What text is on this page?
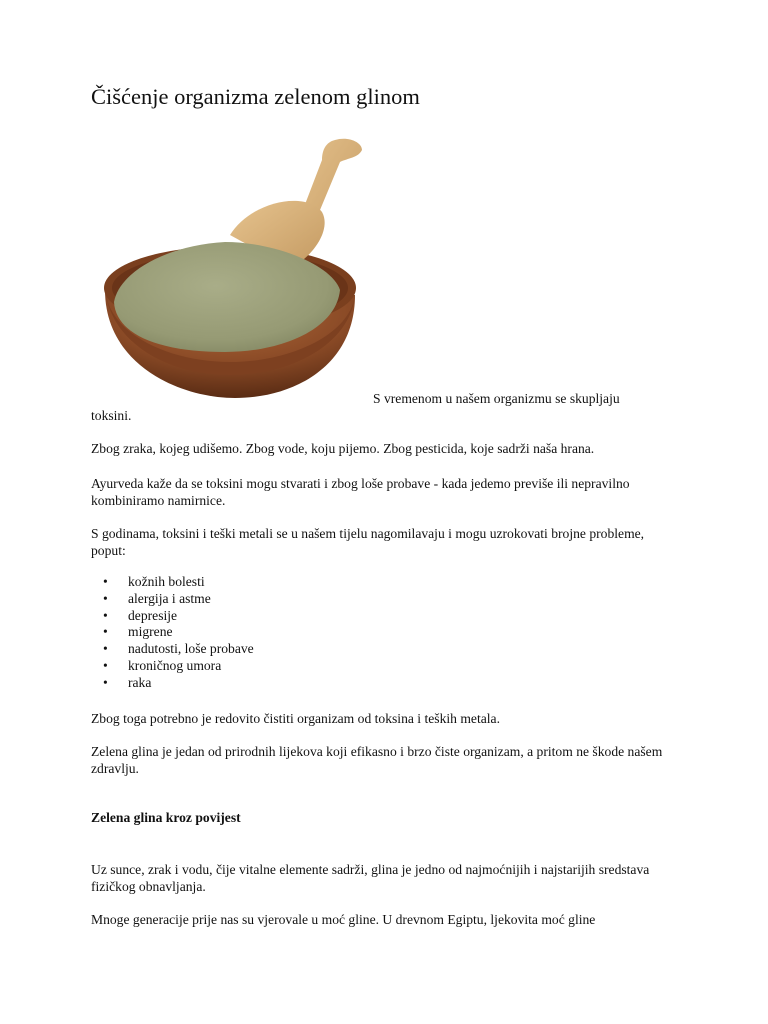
Čišćenje organizma zelenom glinom
S vremenom u našem organizmu se skupljaju

toksini.

Zbog zraka, kojeg udišemo. Zbog vode, koju pijemo. Zbog pesticida, koje sadrži naša hrana.

Ayurveda kaže da se toksini mogu stvarati i zbog loše probave - kada jedemo previše ili nepravilno kombiniramo namirnice.

S godinama, toksini i teški metali se u našem tijelu nagomilavaju i mogu uzrokovati brojne probleme, poput:

• kožnih bolesti
• alergija i astme
• depresije
• migrene
• nadutosti, loše probave
• kroničnog umora
• raka

Zbog toga potrebno je redovito čistiti organizam od toksina i teških metala.

Zelena glina je jedan od prirodnih lijekova koji efikasno i brzo čiste organizam, a pritom ne škode našem zdravlju.

Zelena glina kroz povijest

Uz sunce, zrak i vodu, čije vitalne elemente sadrži, glina je jedno od najmoćnijih i najstarijih sredstava fizičkog obnavljanja.

Mnoge generacije prije nas su vjerovale u moć gline. U drevnom Egiptu, ljekovita moć gline
